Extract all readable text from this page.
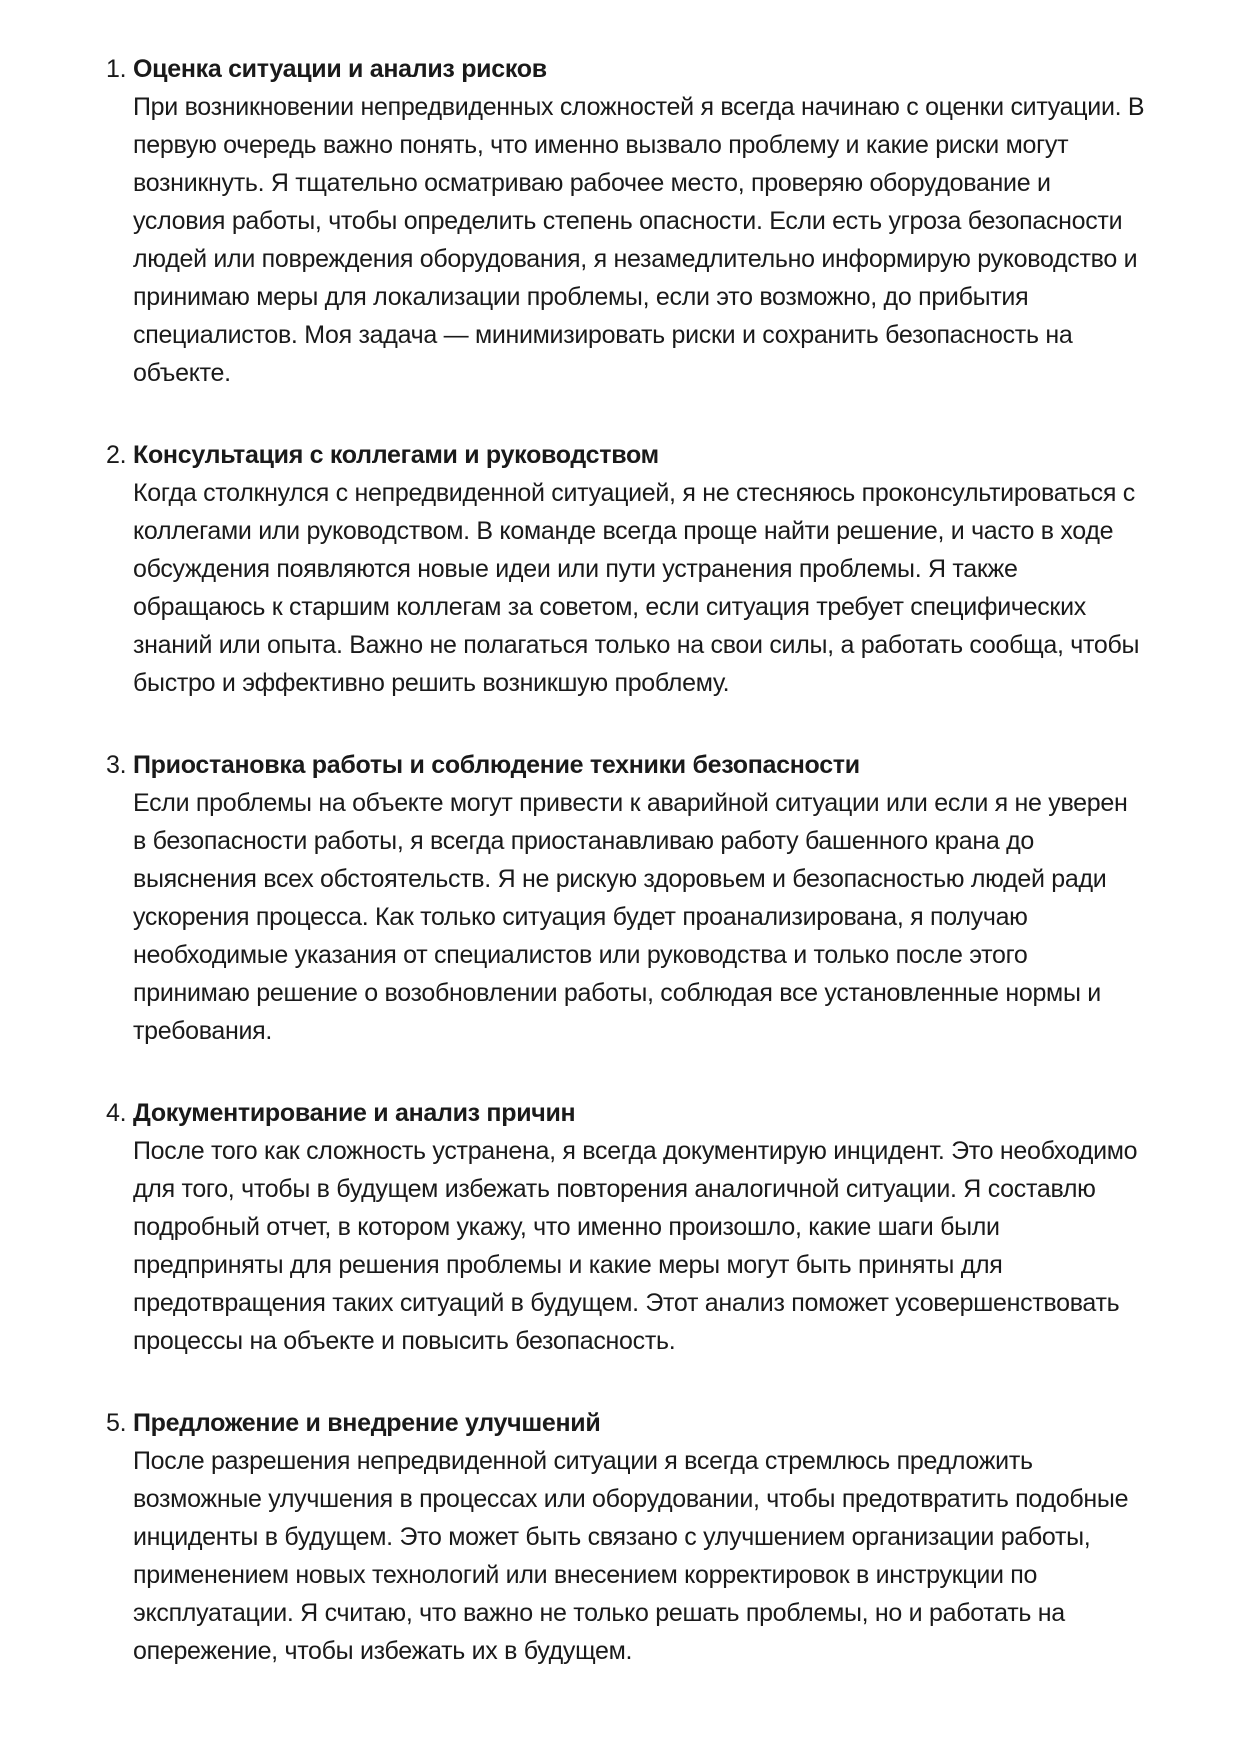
1. Оценка ситуации и анализ рисков

При возникновении непредвиденных сложностей я всегда начинаю с оценки ситуации. В первую очередь важно понять, что именно вызвало проблему и какие риски могут возникнуть. Я тщательно осматриваю рабочее место, проверяю оборудование и условия работы, чтобы определить степень опасности. Если есть угроза безопасности людей или повреждения оборудования, я незамедлительно информирую руководство и принимаю меры для локализации проблемы, если это возможно, до прибытия специалистов. Моя задача — минимизировать риски и сохранить безопасность на объекте.

2. Консультация с коллегами и руководством

Когда столкнулся с непредвиденной ситуацией, я не стесняюсь проконсультироваться с коллегами или руководством. В команде всегда проще найти решение, и часто в ходе обсуждения появляются новые идеи или пути устранения проблемы. Я также обращаюсь к старшим коллегам за советом, если ситуация требует специфических знаний или опыта. Важно не полагаться только на свои силы, а работать сообща, чтобы быстро и эффективно решить возникшую проблему.

3. Приостановка работы и соблюдение техники безопасности

Если проблемы на объекте могут привести к аварийной ситуации или если я не уверен в безопасности работы, я всегда приостанавливаю работу башенного крана до выяснения всех обстоятельств. Я не рискую здоровьем и безопасностью людей ради ускорения процесса. Как только ситуация будет проанализирована, я получаю необходимые указания от специалистов или руководства и только после этого принимаю решение о возобновлении работы, соблюдая все установленные нормы и требования.

4. Документирование и анализ причин

После того как сложность устранена, я всегда документирую инцидент. Это необходимо для того, чтобы в будущем избежать повторения аналогичной ситуации. Я составлю подробный отчет, в котором укажу, что именно произошло, какие шаги были предприняты для решения проблемы и какие меры могут быть приняты для предотвращения таких ситуаций в будущем. Этот анализ поможет усовершенствовать процессы на объекте и повысить безопасность.

5. Предложение и внедрение улучшений

После разрешения непредвиденной ситуации я всегда стремлюсь предложить возможные улучшения в процессах или оборудовании, чтобы предотвратить подобные инциденты в будущем. Это может быть связано с улучшением организации работы, применением новых технологий или внесением корректировок в инструкции по эксплуатации. Я считаю, что важно не только решать проблемы, но и работать на опережение, чтобы избежать их в будущем.
